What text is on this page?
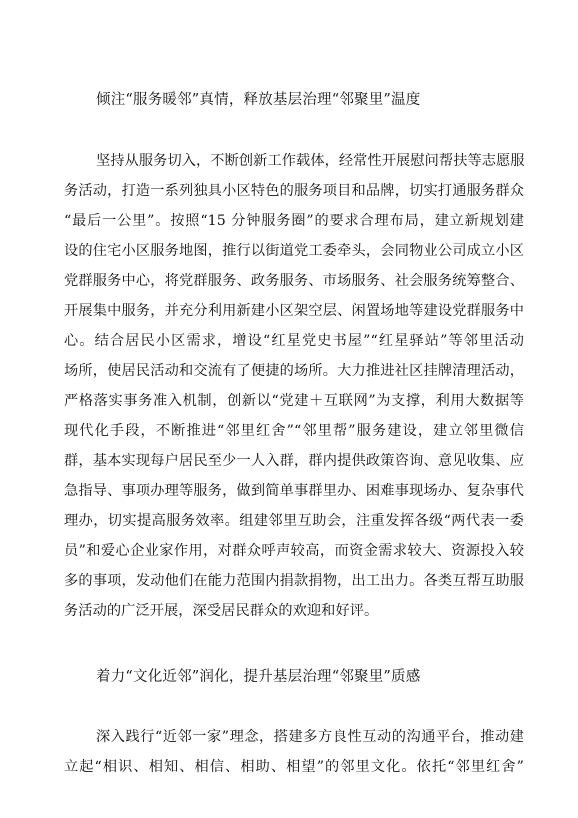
倾注“服务暖邻”真情，释放基层治理“邻聚里”温度
坚持从服务切入，不断创新工作载体，经常性开展慰问帮扶等志愿服
务活动，打造一系列独具小区特色的服务项目和品牌，切实打通服务群众
“最后一公里”。按照“15 分钟服务圈”的要求合理布局，建立新规划建
设的住宅小区服务地图，推行以街道党工委牵头，会同物业公司成立小区
党群服务中心，将党群服务、政务服务、市场服务、社会服务统筹整合、
开展集中服务，并充分利用新建小区架空层、闲置场地等建设党群服务中
心。结合居民小区需求，增设“红星党史书屋”“红星驿站”等邻里活动
场所，使居民活动和交流有了便捷的场所。大力推进社区挂牌清理活动，
严格落实事务准入机制，创新以“党建＋互联网”为支撑，利用大数据等
现代化手段，不断推进“邻里红舍”“邻里帮”服务建设，建立邻里微信
群，基本实现每户居民至少一人入群，群内提供政策咨询、意见收集、应
急指导、事项办理等服务，做到简单事群里办、困难事现场办、复杂事代
理办，切实提高服务效率。组建邻里互助会，注重发挥各级“两代表一委
员”和爱心企业家作用，对群众呼声较高，而资金需求较大、资源投入较
多的事项，发动他们在能力范围内捐款捐物，出工出力。各类互帮互助服
务活动的广泛开展，深受居民群众的欢迎和好评。
着力“文化近邻”润化，提升基层治理“邻聚里”质感
深入践行“近邻一家”理念，搭建多方良性互动的沟通平台，推动建
立起“相识、相知、相信、相助、相望”的邻里文化。依托“邻里红舍”
